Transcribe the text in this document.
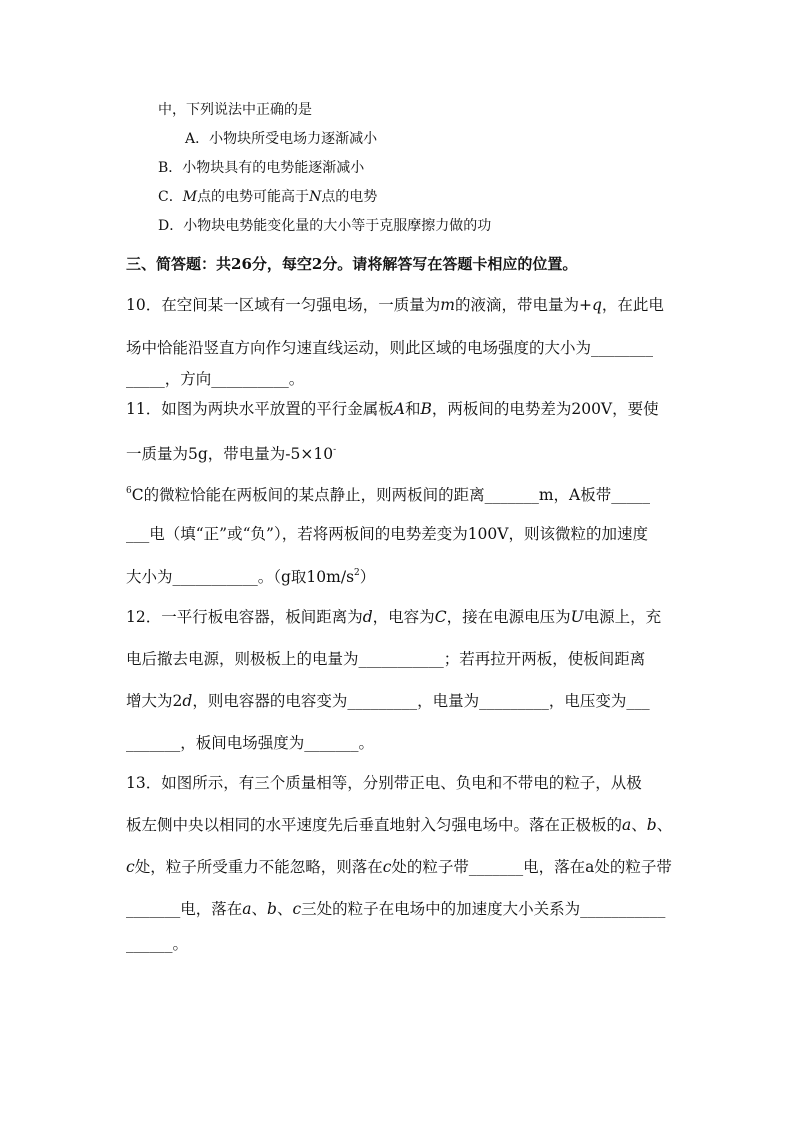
中，下列说法中正确的是
A．小物块所受电场力逐渐减小
B．小物块具有的电势能逐渐减小
C．M点的电势可能高于N点的电势
D．小物块电势能变化量的大小等于克服摩擦力做的功
三、简答题：共26分，每空2分。请将解答写在答题卡相应的位置。
10．在空间某一区域有一匀强电场，一质量为m的液滴，带电量为+q，在此电
场中恰能沿竖直方向作匀速直线运动，则此区域的电场强度的大小为________
_____，方向__________。
11．如图为两块水平放置的平行金属板A和B，两板间的电势差为200V，要使
一质量为5g，带电量为-5×10-
$^6$C的微粒恰能在两板间的某点静止，则两板间的距离_______m，A板带_____
___电（填“正”或“负”），若将两板间的电势差变为100V，则该微粒的加速度
大小为___________。（g取$10m/s^2$）
12．一平行板电容器，板间距离为d，电容为C，接在电源电压为U电源上，充
电后撤去电源，则极板上的电量为___________；若再拉开两板，使板间距离
增大为2d，则电容器的电容变为_________，电量为_________，电压变为___
_______，板间电场强度为_______。
13．如图所示，有三个质量相等，分别带正电、负电和不带电的粒子，从极
板左侧中央以相同的水平速度先后垂直地射入匀强电场中。落在正极板的a、b、
c处，粒子所受重力不能忽略，则落在c处的粒子带_______电，落在a处的粒子带
_______电，落在a、b、c三处的粒子在电场中的加速度大小关系为___________
______。
